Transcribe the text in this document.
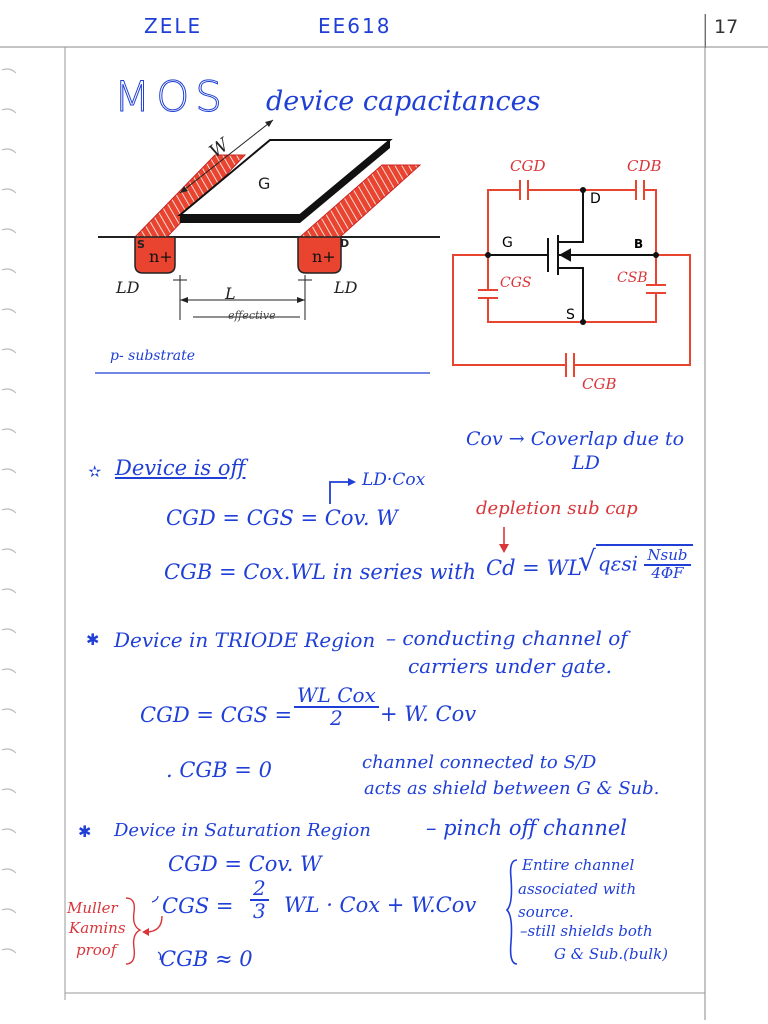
ZELE	EE618	17
MOS device capacitances
W
G
S	D
n+	n+
LD	LD
L
effective
p- substrate
CGD	CDB
D
G	B
CGS	CSB
S
CGB
Cov → Coverlap due to
LD
✫ Device is off	LD·Cox
CGD = CGS = Cov. W	depletion sub cap
CGB = Cox.WL in series with Cd = WL
√ qεsi $\frac{\text{Nsub}}{4\Phi F}$
✱ Device in TRIODE Region – conducting channel of
carriers under gate.
CGD = CGS = $\frac{\text{WL Cox}}{2} + W$. Cov
. CGB = 0	channel connected to S/D
acts as shield between G & Sub.
✱ Device in Saturation Region	– pinch off channel
CGD = Cov. W
CGS = $\frac{2}{3}$ WL · Cox + W.Cov
CGB ≈ 0
Entire channel
associated with
source.
–still shields both
G & Sub.(bulk)
Muller
Kamins
proof
